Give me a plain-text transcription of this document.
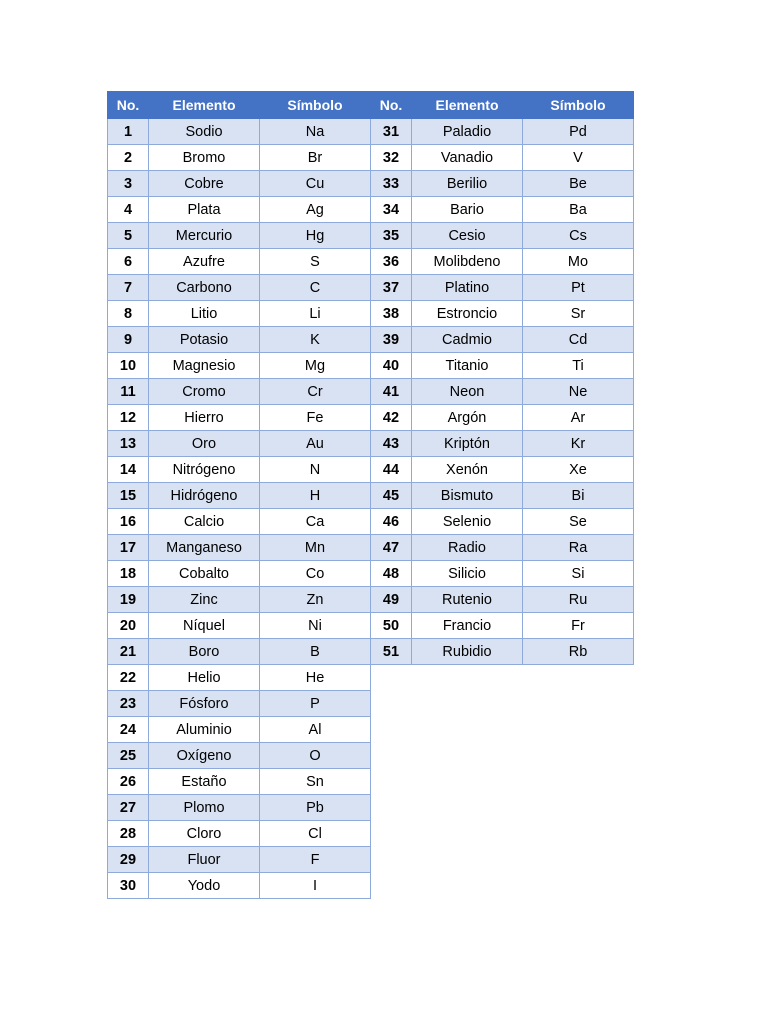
No.	Elemento	Símbolo
1	Sodio	Na
2	Bromo	Br
3	Cobre	Cu
4	Plata	Ag
5	Mercurio	Hg
6	Azufre	S
7	Carbono	C
8	Litio	Li
9	Potasio	K
10	Magnesio	Mg
11	Cromo	Cr
12	Hierro	Fe
13	Oro	Au
14	Nitrógeno	N
15	Hidrógeno	H
16	Calcio	Ca
17	Manganeso	Mn
18	Cobalto	Co
19	Zinc	Zn
20	Níquel	Ni
21	Boro	B
22	Helio	He
23	Fósforo	P
24	Aluminio	Al
25	Oxígeno	O
26	Estaño	Sn
27	Plomo	Pb
28	Cloro	Cl
29	Fluor	F
30	Yodo	I
No.	Elemento	Símbolo
31	Paladio	Pd
32	Vanadio	V
33	Berilio	Be
34	Bario	Ba
35	Cesio	Cs
36	Molibdeno	Mo
37	Platino	Pt
38	Estroncio	Sr
39	Cadmio	Cd
40	Titanio	Ti
41	Neon	Ne
42	Argón	Ar
43	Kriptón	Kr
44	Xenón	Xe
45	Bismuto	Bi
46	Selenio	Se
47	Radio	Ra
48	Silicio	Si
49	Rutenio	Ru
50	Francio	Fr
51	Rubidio	Rb
